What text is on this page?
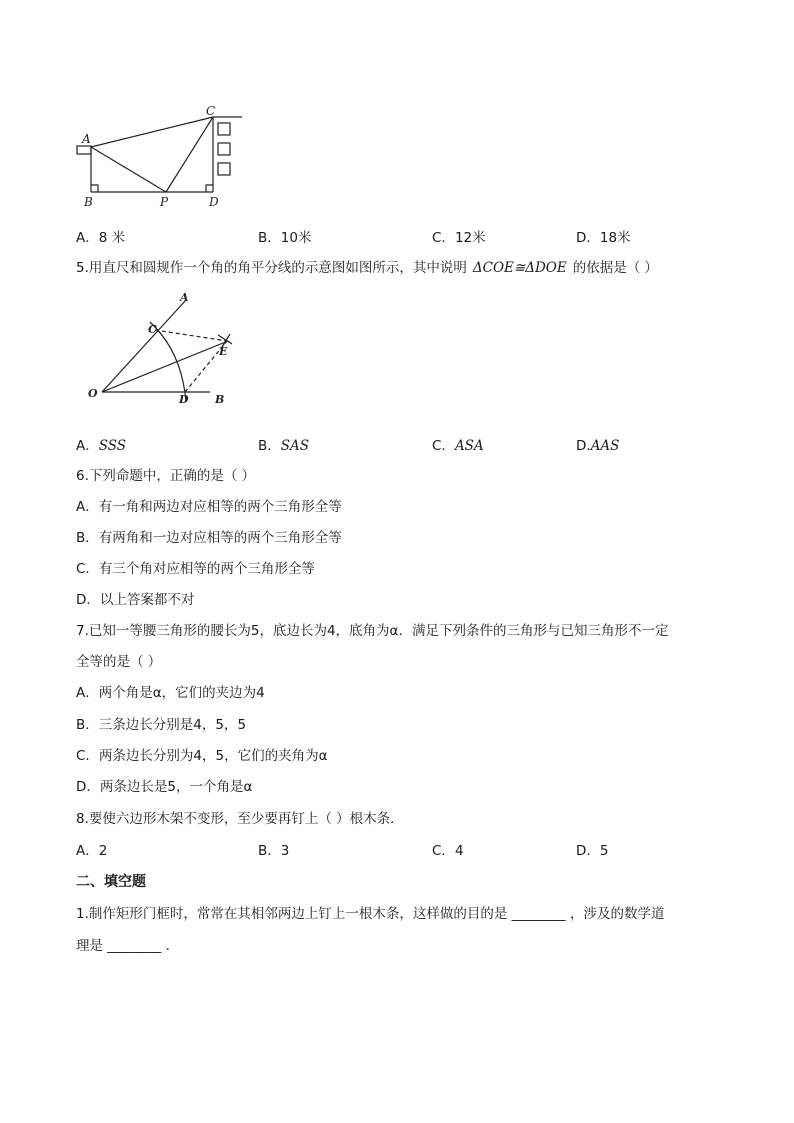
A
C
B	P	D
A．8 米	B．10米	C．12米	D．18米
5.用直尺和圆规作一个角的角平分线的示意图如图所示，其中说明 ΔCOE≅ΔDOE 的依据是（ ）
A
C
E
O	D B
A．SSS	B．SAS	C．ASA	D.AAS
6.下列命题中，正确的是（ ）
A．有一角和两边对应相等的两个三角形全等
B．有两角和一边对应相等的两个三角形全等
C．有三个角对应相等的两个三角形全等
D．以上答案都不对
7.已知一等腰三角形的腰长为5，底边长为4，底角为α．满足下列条件的三角形与已知三角形不一定
全等的是（ ）
A．两个角是α，它们的夹边为4
B．三条边长分别是4，5，5
C．两条边长分别为4，5，它们的夹角为α
D．两条边长是5，一个角是α
8.要使六边形木架不变形，至少要再钉上（ ）根木条．
A．2	B．3	C．4	D．5
二、填空题
1.制作矩形门框时，常常在其相邻两边上钉上一根木条，这样做的目的是 ________ ，涉及的数学道
理是 ________ ．
